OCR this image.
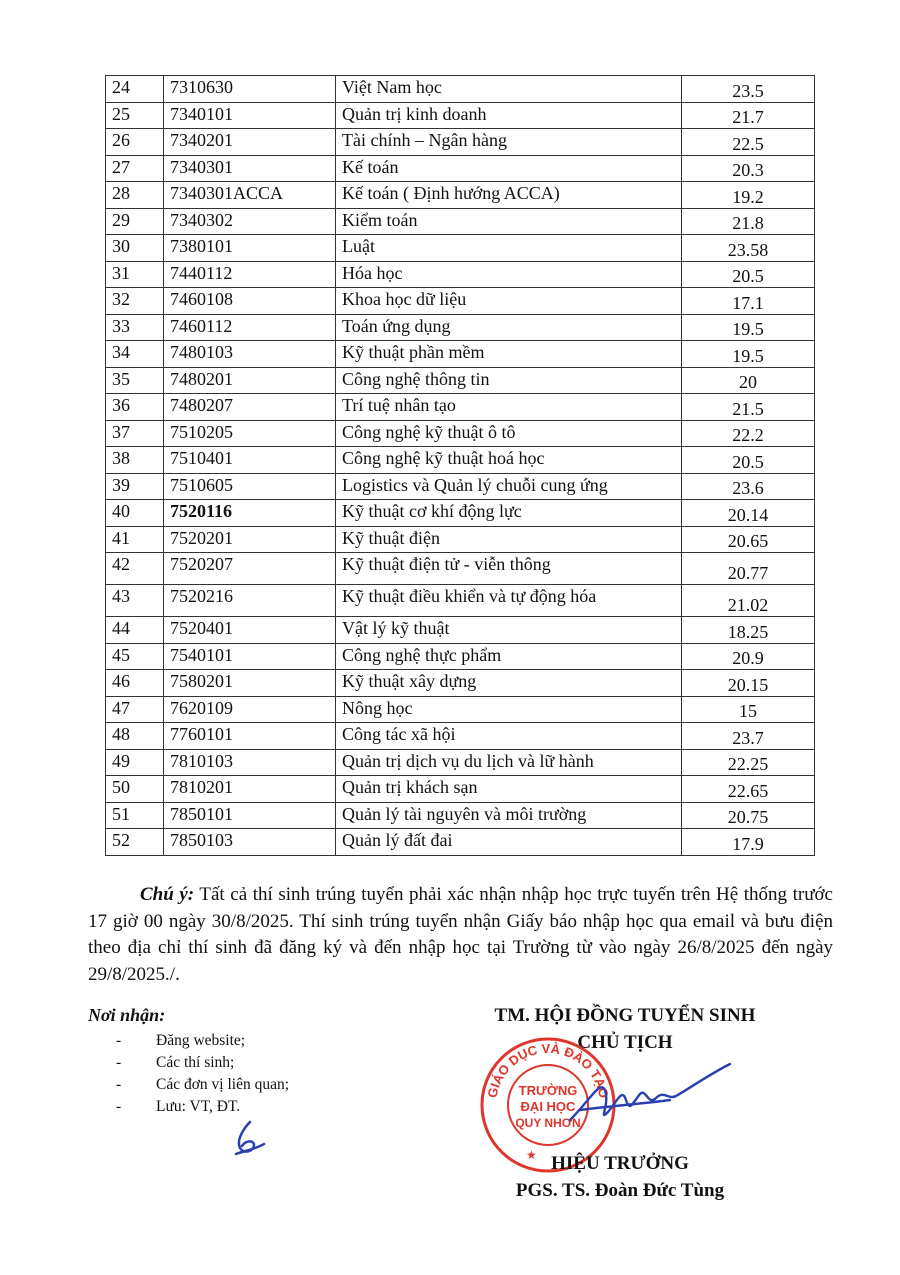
24	7310630	Việt Nam học	23.5
25	7340101	Quản trị kinh doanh	21.7
26	7340201	Tài chính – Ngân hàng	22.5
27	7340301	Kế toán	20.3
28	7340301ACCA	Kế toán ( Định hướng ACCA)	19.2
29	7340302	Kiểm toán	21.8
30	7380101	Luật	23.58
31	7440112	Hóa học	20.5
32	7460108	Khoa học dữ liệu	17.1
33	7460112	Toán ứng dụng	19.5
34	7480103	Kỹ thuật phần mềm	19.5
35	7480201	Công nghệ thông tin	20
36	7480207	Trí tuệ nhân tạo	21.5
37	7510205	Công nghệ kỹ thuật ô tô	22.2
38	7510401	Công nghệ kỹ thuật hoá học	20.5
39	7510605	Logistics và Quản lý chuỗi cung ứng	23.6
40	7520116	Kỹ thuật cơ khí động lực	20.14
41	7520201	Kỹ thuật điện	20.65
42	7520207	Kỹ thuật điện tử - viễn thông	20.77
43	7520216	Kỹ thuật điều khiển và tự động hóa	21.02
44	7520401	Vật lý kỹ thuật	18.25
45	7540101	Công nghệ thực phẩm	20.9
46	7580201	Kỹ thuật xây dựng	20.15
47	7620109	Nông học	15
48	7760101	Công tác xã hội	23.7
49	7810103	Quản trị dịch vụ du lịch và lữ hành	22.25
50	7810201	Quản trị khách sạn	22.65
51	7850101	Quản lý tài nguyên và môi trường	20.75
52	7850103	Quản lý đất đai	17.9
Chú ý: Tất cả thí sinh trúng tuyển phải xác nhận nhập học trực tuyến trên Hệ thống trước 17 giờ 00 ngày 30/8/2025. Thí sinh trúng tuyển nhận Giấy báo nhập học qua email và bưu điện theo địa chỉ thí sinh đã đăng ký và đến nhập học tại Trường từ vào ngày 26/8/2025 đến ngày 29/8/2025./.
Nơi nhận:
- Đăng website;
- Các thí sinh;
- Các đơn vị liên quan;
- Lưu: VT, ĐT.
TM. HỘI ĐỒNG TUYỂN SINH
CHỦ TỊCH
GIÁO DỤC VÀ ĐÀO TẠO
TRƯỜNG
ĐẠI HỌC
QUY NHƠN
★ HIỆU TRƯỞNG
PGS. TS. Đoàn Đức Tùng
